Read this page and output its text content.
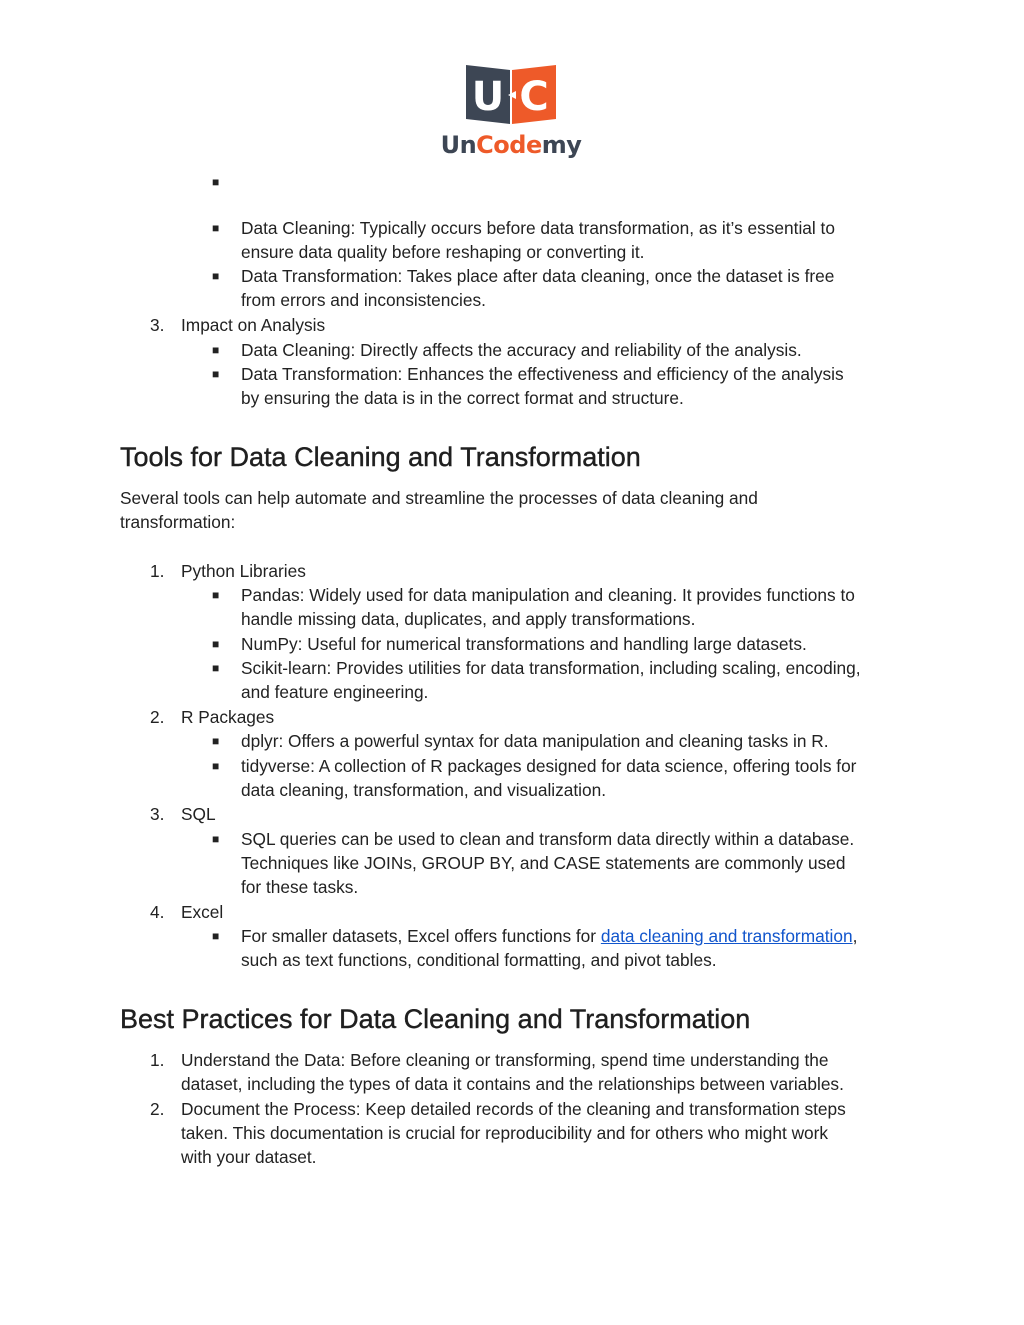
U C
UnCodemy
■
■ Data Cleaning: Typically occurs before data transformation, as it’s essential to
ensure data quality before reshaping or converting it.
■ Data Transformation: Takes place after data cleaning, once the dataset is free
from errors and inconsistencies.
3. Impact on Analysis
■ Data Cleaning: Directly affects the accuracy and reliability of the analysis.
■ Data Transformation: Enhances the effectiveness and efficiency of the analysis
by ensuring the data is in the correct format and structure.
Tools for Data Cleaning and Transformation
Several tools can help automate and streamline the processes of data cleaning and
transformation:
1. Python Libraries
■ Pandas: Widely used for data manipulation and cleaning. It provides functions to
handle missing data, duplicates, and apply transformations.
■ NumPy: Useful for numerical transformations and handling large datasets.
■ Scikit-learn: Provides utilities for data transformation, including scaling, encoding,
and feature engineering.
2. R Packages
■ dplyr: Offers a powerful syntax for data manipulation and cleaning tasks in R.
■ tidyverse: A collection of R packages designed for data science, offering tools for
data cleaning, transformation, and visualization.
3. SQL
■ SQL queries can be used to clean and transform data directly within a database.
Techniques like JOINs, GROUP BY, and CASE statements are commonly used
for these tasks.
4. Excel
■ For smaller datasets, Excel offers functions for data cleaning and transformation,
such as text functions, conditional formatting, and pivot tables.
Best Practices for Data Cleaning and Transformation
1. Understand the Data: Before cleaning or transforming, spend time understanding the
dataset, including the types of data it contains and the relationships between variables.
2. Document the Process: Keep detailed records of the cleaning and transformation steps
taken. This documentation is crucial for reproducibility and for others who might work
with your dataset.
